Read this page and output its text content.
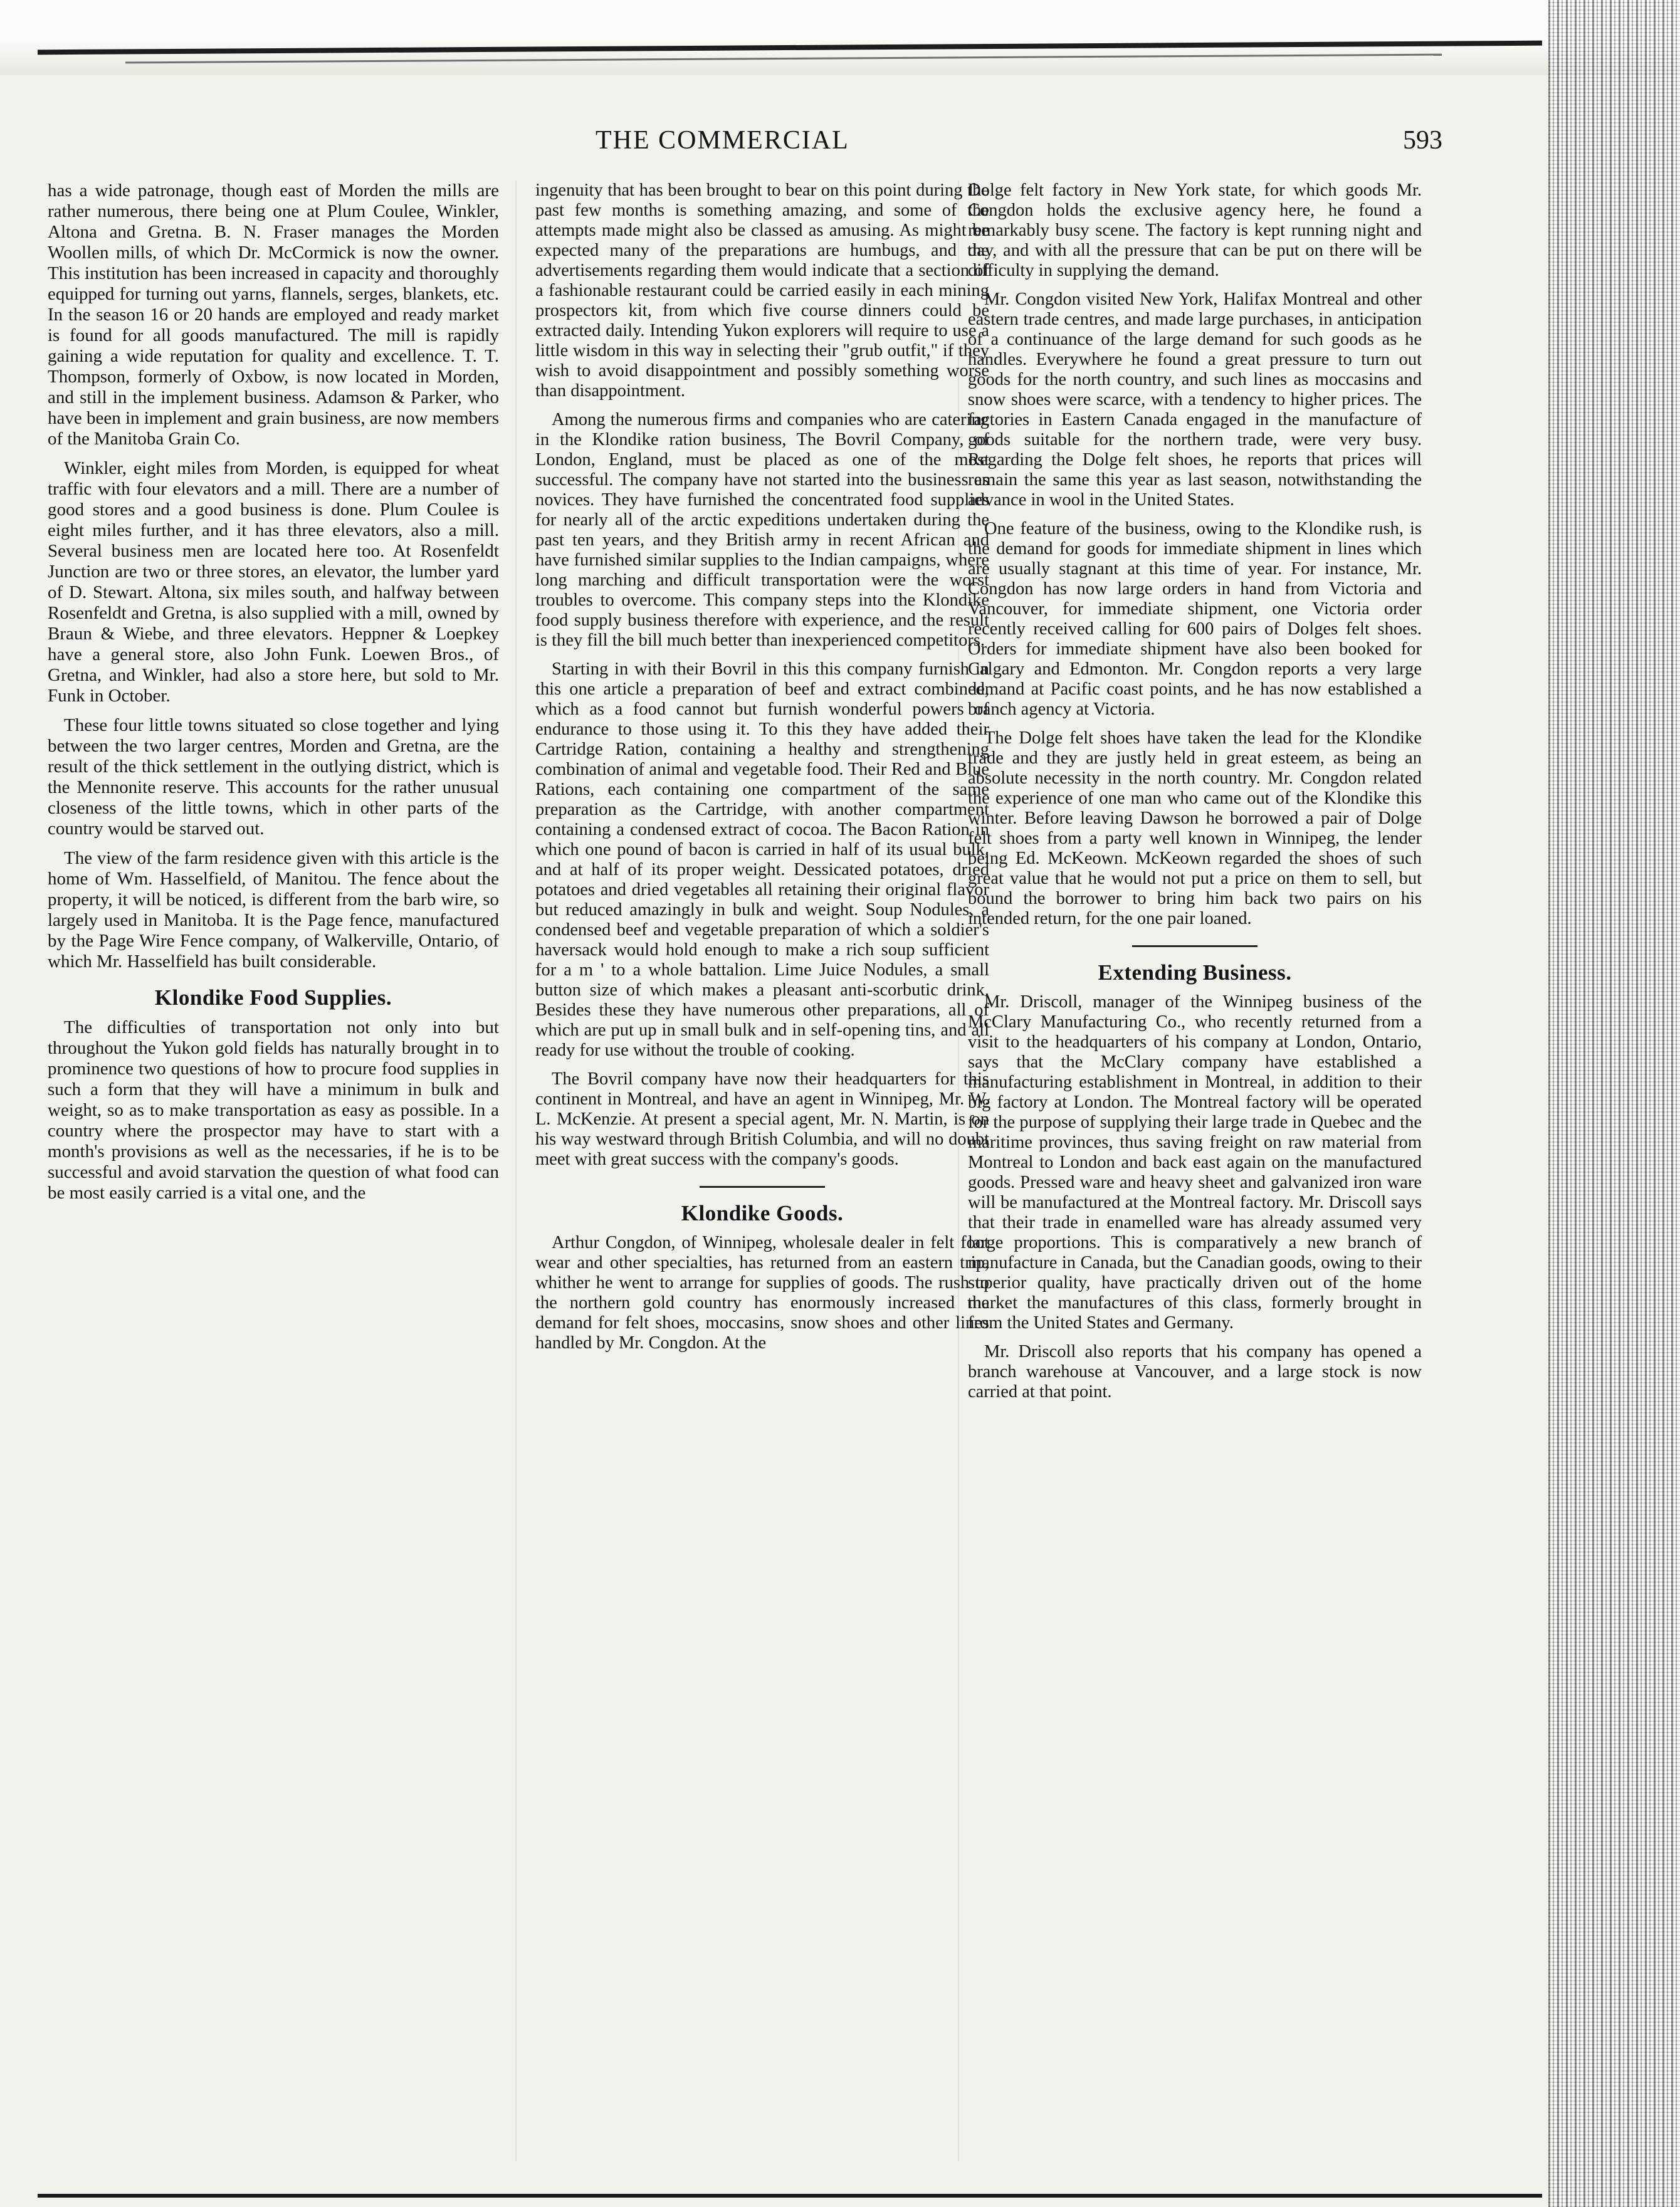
THE COMMERCIAL	593

has a wide patronage, though east of Morden the mills are rather numerous, there being one at Plum Coulee, Winkler, Altona and Gretna. B. N. Fraser manages the Morden Woollen mills, of which Dr. McCormick is now the owner. This institution has been increased in capacity and thoroughly equipped for turning out yarns, flannels, serges, blankets, etc. In the season 16 or 20 hands are employed and ready market is found for all goods manufactured. The mill is rapidly gaining a wide reputation for quality and excellence. T. T. Thompson, formerly of Oxbow, is now located in Morden, and still in the implement business. Adamson & Parker, who have been in implement and grain business, are now members of the Manitoba Grain Co.

Winkler, eight miles from Morden, is equipped for wheat traffic with four elevators and a mill. There are a number of good stores and a good business is done. Plum Coulee is eight miles further, and it has three elevators, also a mill. Several business men are located here too. At Rosenfeldt Junction are two or three stores, an elevator, the lumber yard of D. Stewart. Altona, six miles south, and halfway between Rosenfeldt and Gretna, is also supplied with a mill, owned by Braun & Wiebe, and three elevators. Heppner & Loepkey have a general store, also John Funk. Loewen Bros., of Gretna, and Winkler, had also a store here, but sold to Mr. Funk in October.

These four little towns situated so close together and lying between the two larger centres, Morden and Gretna, are the result of the thick settlement in the outlying district, which is the Mennonite reserve. This accounts for the rather unusual closeness of the little towns, which in other parts of the country would be starved out.

The view of the farm residence given with this article is the home of Wm. Hasselfield, of Manitou. The fence about the property, it will be noticed, is different from the barb wire, so largely used in Manitoba. It is the Page fence, manufactured by the Page Wire Fence company, of Walkerville, Ontario, of which Mr. Hasselfield has built considerable.

Klondike Food Supplies.

The difficulties of transportation not only into but throughout the Yukon gold fields has naturally brought in to prominence two questions of how to procure food supplies in such a form that they will have a minimum in bulk and weight, so as to make transportation as easy as possible. In a country where the prospector may have to start with a month's provisions as well as the necessaries, if he is to be successful and avoid starvation the question of what food can be most easily carried is a vital one, and the

ingenuity that has been brought to bear on this point during the past few months is something amazing, and some of the attempts made might also be classed as amusing. As might be expected many of the preparations are humbugs, and the advertisements regarding them would indicate that a section of a fashionable restaurant could be carried easily in each mining prospectors kit, from which five course dinners could be extracted daily. Intending Yukon explorers will require to use a little wisdom in this way in selecting their "grub outfit," if they wish to avoid disappointment and possibly something worse than disappointment.

Among the numerous firms and companies who are catering in the Klondike ration business, The Bovril Company, of London, England, must be placed as one of the most successful. The company have not started into the business as novices. They have furnished the concentrated food supplies for nearly all of the arctic expeditions undertaken during the past ten years, and they British army in recent African and have furnished similar supplies to the Indian campaigns, where long marching and difficult transportation were the worst troubles to overcome. This company steps into the Klondike food supply business therefore with experience, and the result is they fill the bill much better than inexperienced competitors.

Starting in with their Bovril in this this company furnish in this one article a preparation of beef and extract combined, which as a food cannot but furnish wonderful powers of endurance to those using it. To this they have added their Cartridge Ration, containing a healthy and strengthening combination of animal and vegetable food. Their Red and Blue Rations, each containing one compartment of the same preparation as the Cartridge, with another compartment containing a condensed extract of cocoa. The Bacon Ration in which one pound of bacon is carried in half of its usual bulk, and at half of its proper weight. Dessicated potatoes, dried potatoes and dried vegetables all retaining their original flavor but reduced amazingly in bulk and weight. Soup Nodules, a condensed beef and vegetable preparation of which a soldier's haversack would hold enough to make a rich soup sufficient for a m ' to a whole battalion. Lime Juice Nodules, a small button size of which makes a pleasant anti-scorbutic drink. Besides these they have numerous other preparations, all of which are put up in small bulk and in self-opening tins, and all ready for use without the trouble of cooking.

The Bovril company have now their headquarters for this continent in Montreal, and have an agent in Winnipeg, Mr. W. L. McKenzie. At present a special agent, Mr. N. Martin, is on his way westward through British Columbia, and will no doubt meet with great success with the company's goods.

Klondike Goods.

Arthur Congdon, of Winnipeg, wholesale dealer in felt foot wear and other specialties, has returned from an eastern trip, whither he went to arrange for supplies of goods. The rush to the northern gold country has enormously increased the demand for felt shoes, moccasins, snow shoes and other lines handled by Mr. Congdon. At the

Dolge felt factory in New York state, for which goods Mr. Congdon holds the exclusive agency here, he found a remarkably busy scene. The factory is kept running night and day, and with all the pressure that can be put on there will be difficulty in supplying the demand.

Mr. Congdon visited New York, Halifax Montreal and other eastern trade centres, and made large purchases, in anticipation of a continuance of the large demand for such goods as he handles. Everywhere he found a great pressure to turn out goods for the north country, and such lines as moccasins and snow shoes were scarce, with a tendency to higher prices. The factories in Eastern Canada engaged in the manufacture of goods suitable for the northern trade, were very busy. Regarding the Dolge felt shoes, he reports that prices will remain the same this year as last season, notwithstanding the advance in wool in the United States.

One feature of the business, owing to the Klondike rush, is the demand for goods for immediate shipment in lines which are usually stagnant at this time of year. For instance, Mr. Congdon has now large orders in hand from Victoria and Vancouver, for immediate shipment, one Victoria order recently received calling for 600 pairs of Dolges felt shoes. Orders for immediate shipment have also been booked for Calgary and Edmonton. Mr. Congdon reports a very large demand at Pacific coast points, and he has now established a branch agency at Victoria.

The Dolge felt shoes have taken the lead for the Klondike trade and they are justly held in great esteem, as being an absolute necessity in the north country. Mr. Congdon related the experience of one man who came out of the Klondike this winter. Before leaving Dawson he borrowed a pair of Dolge felt shoes from a party well known in Winnipeg, the lender being Ed. McKeown. McKeown regarded the shoes of such great value that he would not put a price on them to sell, but bound the borrower to bring him back two pairs on his intended return, for the one pair loaned.

Extending Business.

Mr. Driscoll, manager of the Winnipeg business of the McClary Manufacturing Co., who recently returned from a visit to the headquarters of his company at London, Ontario, says that the McClary company have established a manufacturing establishment in Montreal, in addition to their big factory at London. The Montreal factory will be operated for the purpose of supplying their large trade in Quebec and the maritime provinces, thus saving freight on raw material from Montreal to London and back east again on the manufactured goods. Pressed ware and heavy sheet and galvanized iron ware will be manufactured at the Montreal factory. Mr. Driscoll says that their trade in enamelled ware has already assumed very large proportions. This is comparatively a new branch of manufacture in Canada, but the Canadian goods, owing to their superior quality, have practically driven out of the home market the manufactures of this class, formerly brought in from the United States and Germany.

Mr. Driscoll also reports that his company has opened a branch warehouse at Vancouver, and a large stock is now carried at that point.
